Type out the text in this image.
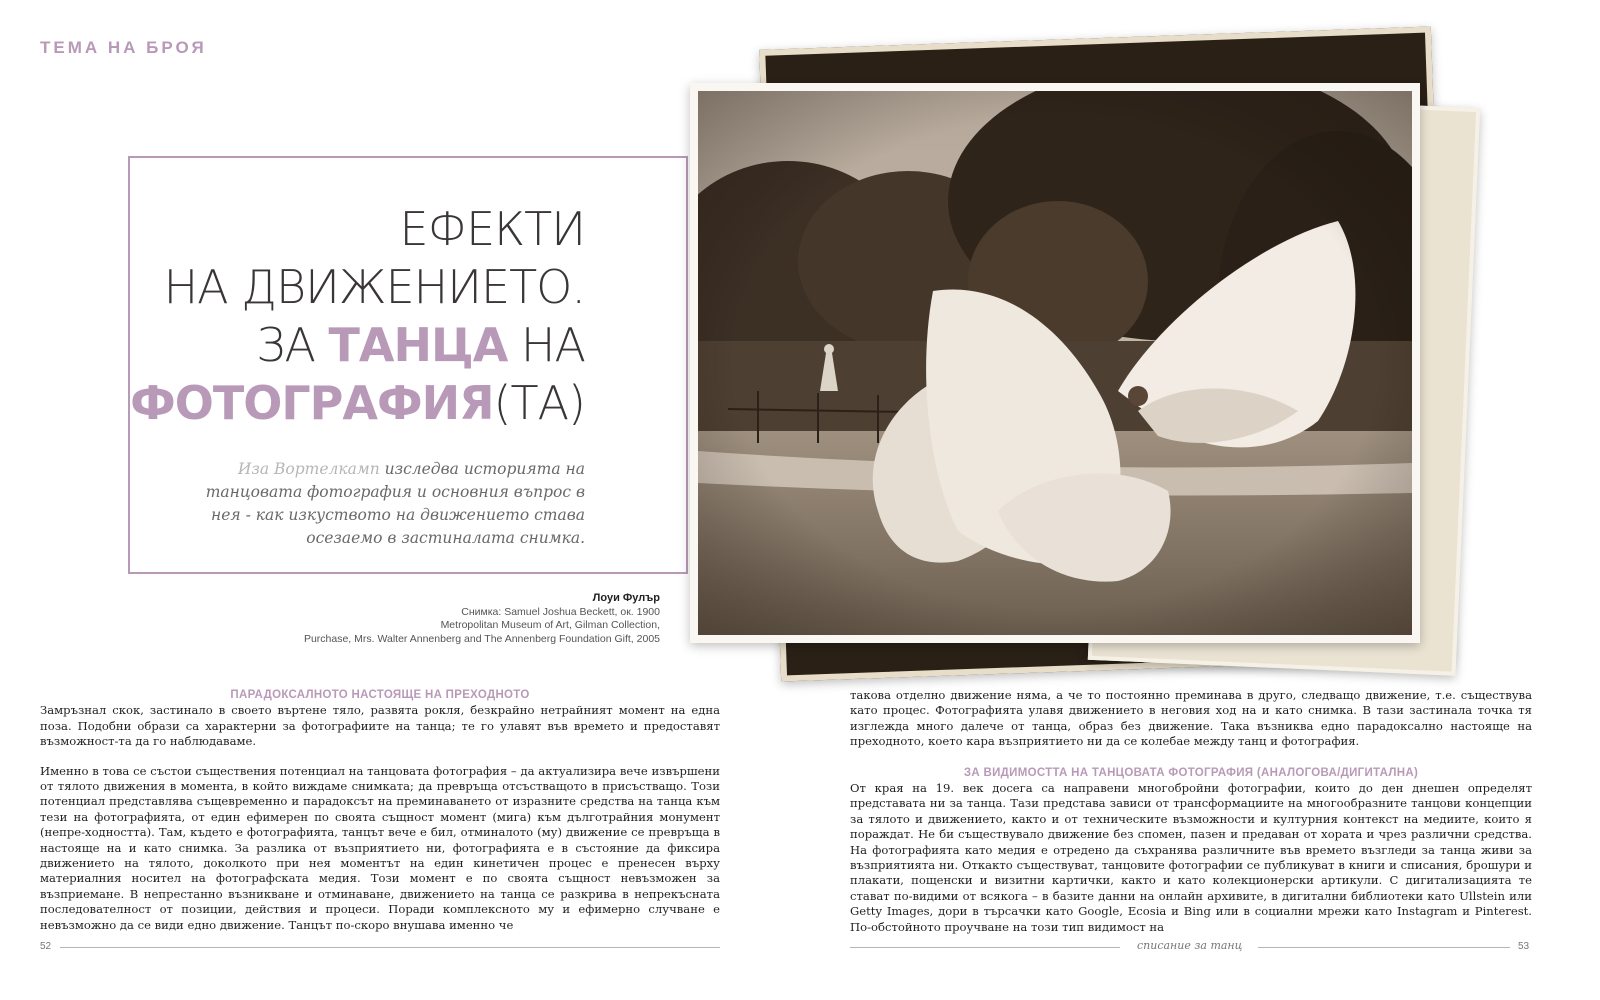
ТЕМА НА БРОЯ
ЕФЕКТИ
НА ДВИЖЕНИЕТО.
ЗА ТАНЦА НА
ФОТОГРАФИЯ(ТА)
Иза Вортелкамп изследва историята на танцовата фотография и основния въпрос в нея - как изкуството на движението става осезаемо в застиналата снимка.
Лоуи Фулър
Снимка: Samuel Joshua Beckett, ок. 1900
Metropolitan Museum of Art, Gilman Collection,
Purchase, Mrs. Walter Annenberg and The Annenberg Foundation Gift, 2005
ПАРАДОКСАЛНОТО НАСТОЯЩЕ НА ПРЕХОДНОТО

Замръзнал скок, застинало в своето въртене тяло, развята рокля, безкрайно нетрайният момент на една поза. Подобни образи са характерни за фотографиите на танца; те го улавят във времето и предоставят възможност-та да го наблюдаваме.

Именно в това се състои съществения потенциал на танцовата фотография – да актуализира вече извършени от тялото движения в момента, в който виждаме снимката; да превръща отсъстващото в присъстващо. Този потенциал представлява същевременно и парадоксът на преминаването от изразните средства на танца към тези на фотографията, от един ефимерен по своята същност момент (мига) към дълготрайния монумент (непре-ходността). Там, където е фотографията, танцът вече е бил, отминалото (му) движение се превръща в настояще на и като снимка. За разлика от възприятието ни, фотографията е в състояние да фиксира движението на тялото, доколкото при нея моментът на един кинетичен процес е пренесен върху материалния носител на фотографската медия. Този момент е по своята същност невъзможен за възприемане. В непрестанно възникване и отминаване, движението на танца се разкрива в непрекъсната последователност от позиции, действия и процеси. Поради комплексното му и ефимерно случване е невъзможно да се види едно движение. Танцът по-скоро внушава именно че

такова отделно движение няма, а че то постоянно преминава в друго, следващо движение, т.е. съществува като процес. Фотографията улавя движението в неговия ход на и като снимка. В тази застинала точка тя изглежда много далече от танца, образ без движение. Така възниква едно парадоксално настояще на преходното, което кара възприятието ни да се колебае между танц и фотография.

ЗА ВИДИМОСТТА НА ТАНЦОВАТА ФОТОГРАФИЯ (АНАЛОГОВА/ДИГИТАЛНА)

От края на 19. век досега са направени многобройни фотографии, които до ден днешен определят представата ни за танца. Тази представа зависи от трансформациите на многообразните танцови концепции за тялото и движението, както и от техническите възможности и културния контекст на медиите, които я пораждат. Не би съществувало движение без спомен, пазен и предаван от хората и чрез различни средства. На фотографията като медия е отредено да съхранява различните във времето възгледи за танца живи за възприятията ни. Откакто съществуват, танцовите фотографии се публикуват в книги и списания, брошури и плакати, пощенски и визитни картички, както и като колекционерски артикули. С дигитализацията те стават по-видими от всякога – в базите данни на онлайн архивите, в дигитални библиотеки като Ullstein или Getty Images, дори в търсачки като Google, Ecosia и Bing или в социални мрежи като Instagram и Pinterest. По-обстойното проучване на този тип видимост на

52	списание за танц	53
